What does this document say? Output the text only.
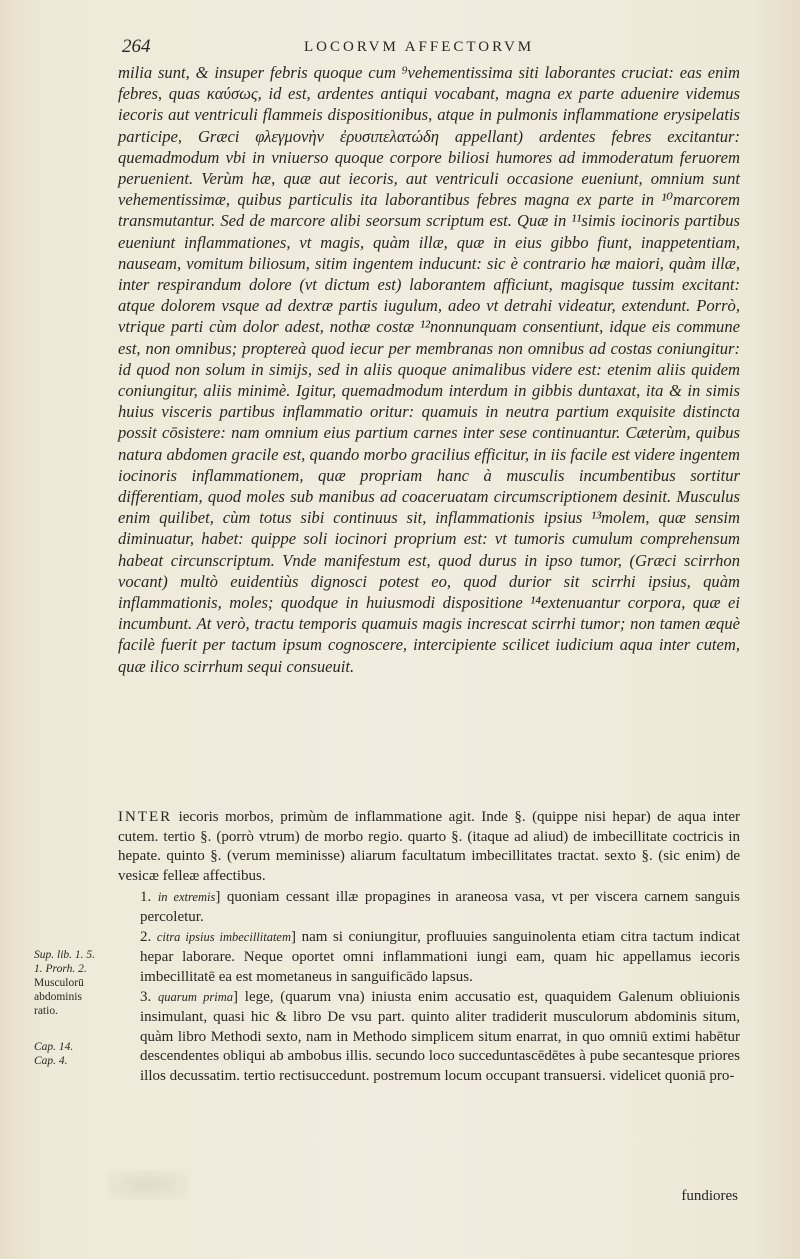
264	LOCORVM AFFECTORVM

milia sunt, & insuper febris quoque cum ⁹vehementissima siti laborantes cruciat: eas enim febres, quas καύσως, id est, ardentes antiqui vocabant, magna ex parte aduenire videmus iecoris aut ventriculi flammeis dispositionibus, atque in pulmonis inflammatione erysipelatis participe, Græci φλεγμονὴν ἐρυσιπελατώδη appellant) ardentes febres excitantur: quemadmodum vbi in vniuerso quoque corpore biliosi humores ad immoderatum feruorem peruenient. Verùm hæ, quæ aut iecoris, aut ventriculi occasione eueniunt, omnium sunt vehementissimæ, quibus particulis ita laborantibus febres magna ex parte in ¹⁰marcorem transmutantur. Sed de marcore alibi seorsum scriptum est. Quæ in ¹¹simis iocinoris partibus eueniunt inflammationes, vt magis, quàm illæ, quæ in eius gibbo fiunt, inappetentiam, nauseam, vomitum biliosum, sitim ingentem inducunt: sic è contrario hæ maiori, quàm illæ, inter respirandum dolore (vt dictum est) laborantem afficiunt, magisque tussim excitant: atque dolorem vsque ad dextræ partis iugulum, adeo vt detrahi videatur, extendunt. Porrò, vtrique parti cùm dolor adest, nothæ costæ ¹²nonnunquam consentiunt, idque eis commune est, non omnibus; proptereà quod iecur per membranas non omnibus ad costas coniungitur: id quod non solum in simijs, sed in aliis quoque animalibus videre est: etenim aliis quidem coniungitur, aliis minimè. Igitur, quemadmodum interdum in gibbis duntaxat, ita & in simis huius visceris partibus inflammatio oritur: quamuis in neutra partium exquisite distincta possit cōsistere: nam omnium eius partium carnes inter sese continuantur. Cæterùm, quibus natura abdomen gracile est, quando morbo gracilius efficitur, in iis facile est videre ingentem iocinoris inflammationem, quæ propriam hanc à musculis incumbentibus sortitur differentiam, quod moles sub manibus ad coaceruatam circumscriptionem desinit. Musculus enim quilibet, cùm totus sibi continuus sit, inflammationis ipsius ¹³molem, quæ sensim diminuatur, habet: quippe soli iocinori proprium est: vt tumoris cumulum comprehensum habeat circunscriptum. Vnde manifestum est, quod durus in ipso tumor, (Græci scirrhon vocant) multò euidentiùs dignosci potest eo, quod durior sit scirrhi ipsius, quàm inflammationis, moles; quodque in huiusmodi dispositione ¹⁴extenuantur corpora, quæ ei incumbunt. At verò, tractu temporis quamuis magis increscat scirrhi tumor; non tamen æquè facilè fuerit per tactum ipsum cognoscere, intercipiente scilicet iudicium aqua inter cutem, quæ ilico scirrhum sequi consueuit.

INTER iecoris morbos, primùm de inflammatione agit. Inde §. (quippe nisi hepar) de aqua inter cutem. tertio §. (porrò vtrum) de morbo regio. quarto §. (itaque ad aliud) de imbecillitate coctricis in hepate. quinto §. (verum meminisse) aliarum facultatum imbecillitates tractat. sexto §. (sic enim) de vesicæ felleæ affectibus.

1. in extremis] quoniam cessant illæ propagines in araneosa vasa, vt per viscera carnem sanguis percoletur.

2. citra ipsius imbecillitatem] nam si coniungitur, profluuies sanguinolenta etiam citra tactum indicat hepar laborare. Neque oportet omni inflammationi iungi eam, quam hic appellamus iecoris imbecillitatē ea est mometaneus in sanguificādo lapsus.

3. quarum prima] lege, (quarum vna) iniusta enim accusatio est, quaquidem Galenum obliuionis insimulant, quasi hic & libro De vsu part. quinto aliter tradiderit musculorum abdominis situm, quàm libro Methodi sexto, nam in Methodo simplicem situm enarrat, in quo omniū extimi habētur descendentes obliqui ab ambobus illis. secundo loco succeduntascēdētes à pube secantesque priores illos decussatim. tertio rectisuccedunt. postremum locum occupant transuersi. videlicet quoniā pro-

Sup. lib. 1. 5.
1. Prorh. 2.
Musculorū
abdominis
ratio.
Cap. 14.
Cap. 4.
fundiores
